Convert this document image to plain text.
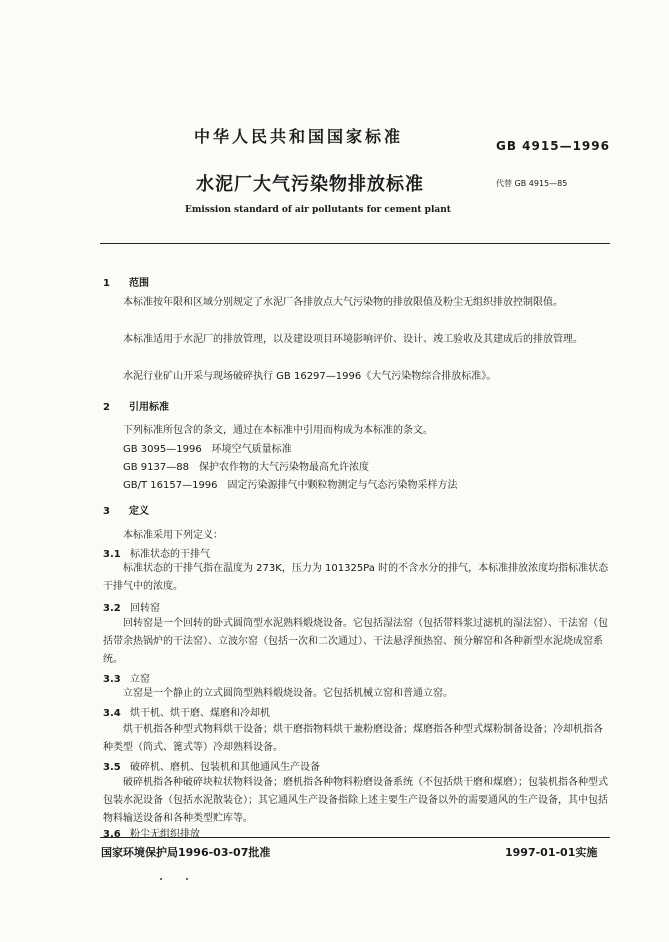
中华人民共和国国家标准	GB 4915—1996
水泥厂大气污染物排放标准	代替 GB 4915—85
Emission standard of air pollutants for cement plant
1 范围
本标准按年限和区域分别规定了水泥厂各排放点大气污染物的排放限值及粉尘无组织排放控制限值。
本标准适用于水泥厂的排放管理，以及建设项目环境影响评价、设计、竣工验收及其建成后的排放管理。
水泥行业矿山开采与现场破碎执行 GB 16297—1996《大气污染物综合排放标准》。
2 引用标准
下列标准所包含的条文，通过在本标准中引用而构成为本标准的条文。
GB 3095—1996　环境空气质量标准
GB 9137—88　保护农作物的大气污染物最高允许浓度
GB/T 16157—1996　固定污染源排气中颗粒物测定与气态污染物采样方法
3 定义
本标准采用下列定义：
3.1 标准状态的干排气
标准状态的干排气指在温度为 273K，压力为 101325Pa 时的不含水分的排气，本标准排放浓度均指标准状态干排气中的浓度。
3.2 回转窑
回转窑是一个回转的卧式圆筒型水泥熟料煅烧设备。它包括湿法窑（包括带料浆过滤机的湿法窑）、干法窑（包括带余热锅炉的干法窑）、立波尔窑（包括一次和二次通过）、干法悬浮预热窑、预分解窑和各种新型水泥烧成窑系统。
3.3 立窑
立窑是一个静止的立式圆筒型熟料煅烧设备。它包括机械立窑和普通立窑。
3.4 烘干机、烘干磨、煤磨和冷却机
烘干机指各种型式物料烘干设备；烘干磨指物料烘干兼粉磨设备；煤磨指各种型式煤粉制备设备；冷却机指各种类型（筒式、篦式等）冷却熟料设备。
3.5 破碎机、磨机、包装机和其他通风生产设备
破碎机指各种破碎块粒状物料设备；磨机指各种物料粉磨设备系统（不包括烘干磨和煤磨）；包装机指各种型式包装水泥设备（包括水泥散装仓）；其它通风生产设备指除上述主要生产设备以外的需要通风的生产设备，其中包括物料输送设备和各种类型贮库等。
3.6 粉尘无组织排放
国家环境保护局1996-03-07批准	1997-01-01实施
